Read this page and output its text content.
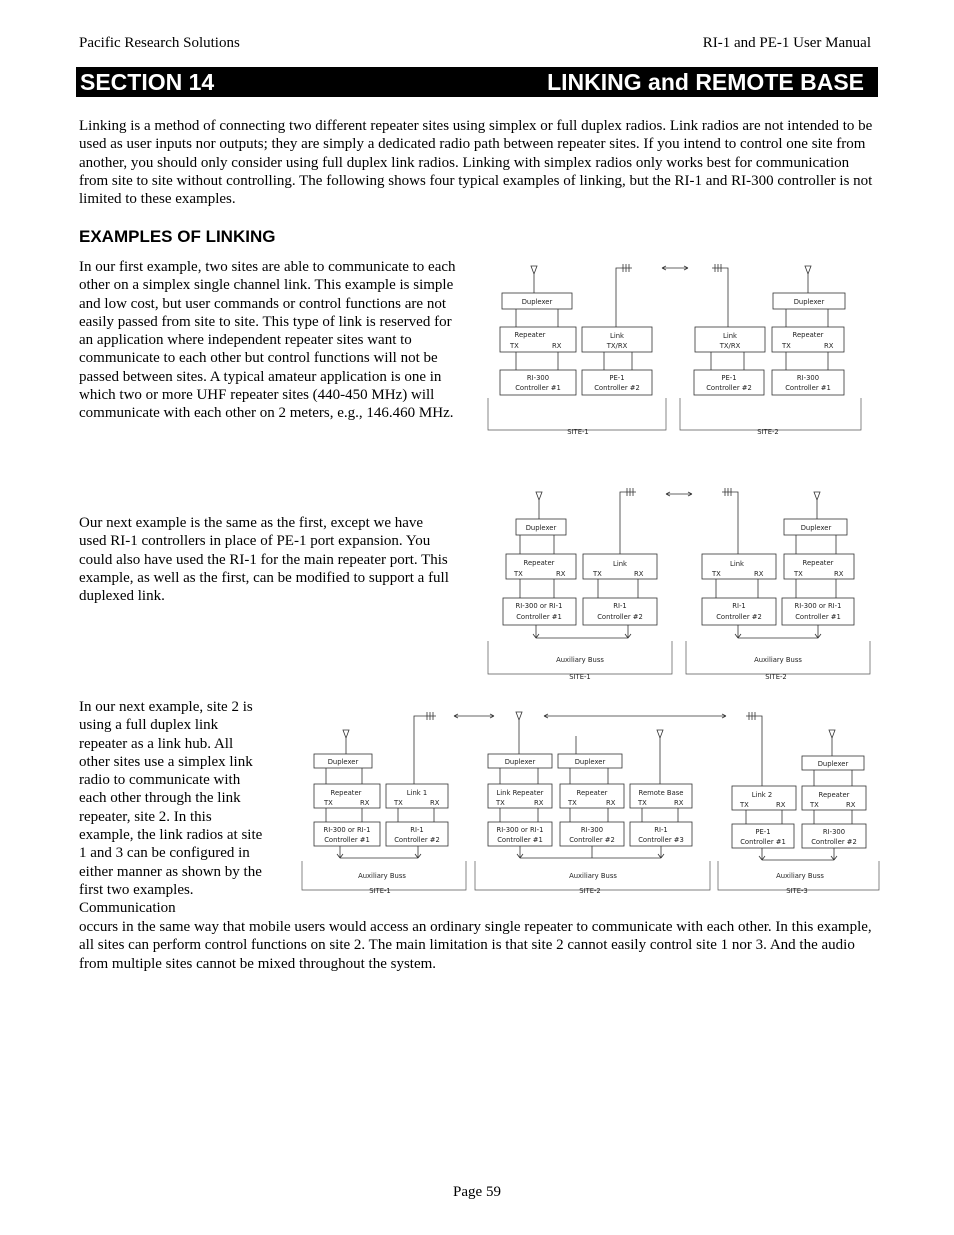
Pacific Research Solutions	RI-1 and PE-1 User Manual
SECTION 14	LINKING and REMOTE BASE

Linking is a method of connecting two different repeater sites using simplex or full duplex radios. Link radios are not intended to be used as user inputs nor outputs; they are simply a dedicated radio path between repeater sites. If you intend to control one site from another, you should only consider using full duplex link radios. Linking with simplex radios only works best for communication from site to site without controlling. The following shows four typical examples of linking, but the RI-1 and RI-300 controller is not limited to these examples.

EXAMPLES OF LINKING

In our first example, two sites are able to communicate to each other on a simplex single channel link. This example is simple and low cost, but user commands or control functions are not easily passed from site to site. This type of link is reserved for an application where independent repeater sites want to communicate to each other but control functions will not be passed between sites. A typical amateur application is one in which two or more UHF repeater sites (440-450 MHz) will communicate with each other on 2 meters, e.g., 146.460 MHz.

Our next example is the same as the first, except we have used RI-1 controllers in place of PE-1 port expansion. You could also have used the RI-1 for the main repeater port. This example, as well as the first, can be modified to support a full duplexed link.

In our next example, site 2 is using a full duplex link repeater as a link hub. All other sites use a simplex link radio to communicate with each other through the link repeater, site 2. In this example, the link radios at site 1 and 3 can be configured in either manner as shown by the first two examples. Communication

occurs in the same way that mobile users would access an ordinary single repeater to communicate with each other. In this example, all sites can perform control functions on site 2. The main limitation is that site 2 cannot easily control site 1 nor 3. And the audio from multiple sites cannot be mixed throughout the system.

Duplexer
Repeater
TX	RX
RI-300
Controller #1
Link
TX/RX
PE-1
Controller #2
SITE-1
Link
TX/RX
PE-1
Controller #2
Duplexer
Repeater
TX	RX
RI-300
Controller #1
SITE-2
Duplexer
Repeater
TX	RX
RI-300 or RI-1
Controller #1
Link
TX	RX
RI-1
Controller #2
Auxiliary Buss
SITE-1
Link
TX	RX
RI-1
Controller #2
Duplexer
Repeater
TX	RX
RI-300 or RI-1
Controller #1
Auxiliary Buss
SITE-2
Duplexer
Repeater
TX	RX
RI-300 or RI-1
Controller #1
Link 1
TX	RX
RI-1
Controller #2
Auxiliary Buss
SITE-1
Duplexer
Link Repeater
TX	RX
RI-300 or RI-1
Controller #1
Duplexer
Repeater
TX	RX
RI-300
Controller #2
Remote Base
TX	RX
RI-1
Controller #3
Auxiliary Buss
SITE-2
Link 2
TX	RX
PE-1
Controller #1
Duplexer
Repeater
TX	RX
RI-300
Controller #2
Auxiliary Buss
SITE-3
Page 59
